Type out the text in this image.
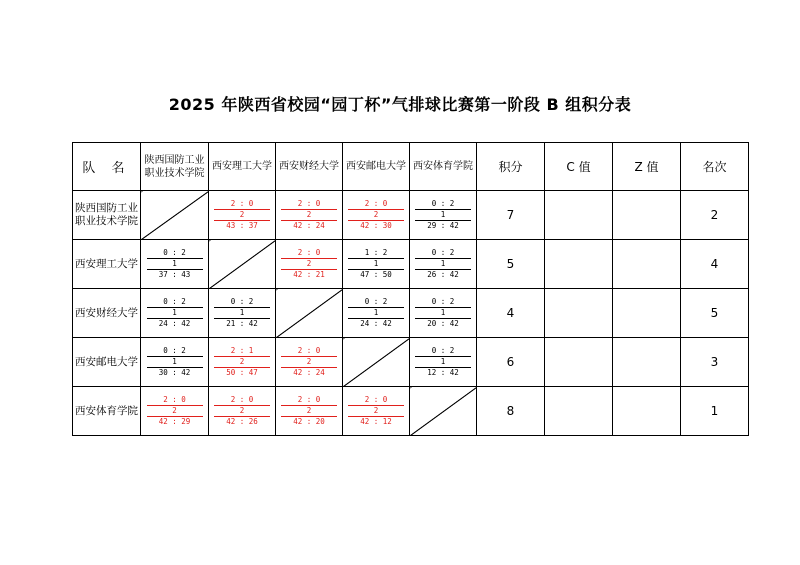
2025 年陕西省校园“园丁杯”气排球比赛第一阶段 B 组积分表
队 名	陕西国防工业职业技术学院	西安理工大学	西安财经大学	西安邮电大学	西安体育学院	积分	C 值	Z 值	名次
陕西国防工业职业技术学院		2 : 0
2
43 : 37	2 : 0
2
42 : 24	2 : 0
2
42 : 30	0 : 2
1
29 : 42	7			2
西安理工大学	0 : 2
1
37 : 43		2 : 0
2
42 : 21	1 : 2
1
47 : 50	0 : 2
1
26 : 42	5			4
西安财经大学	0 : 2
1
24 : 42	0 : 2
1
21 : 42		0 : 2
1
24 : 42	0 : 2
1
20 : 42	4			5
西安邮电大学	0 : 2
1
30 : 42	2 : 1
2
50 : 47	2 : 0
2
42 : 24		0 : 2
1
12 : 42	6			3
西安体育学院	2 : 0
2
42 : 29	2 : 0
2
42 : 26	2 : 0
2
42 : 20	2 : 0
2
42 : 12		8			1
